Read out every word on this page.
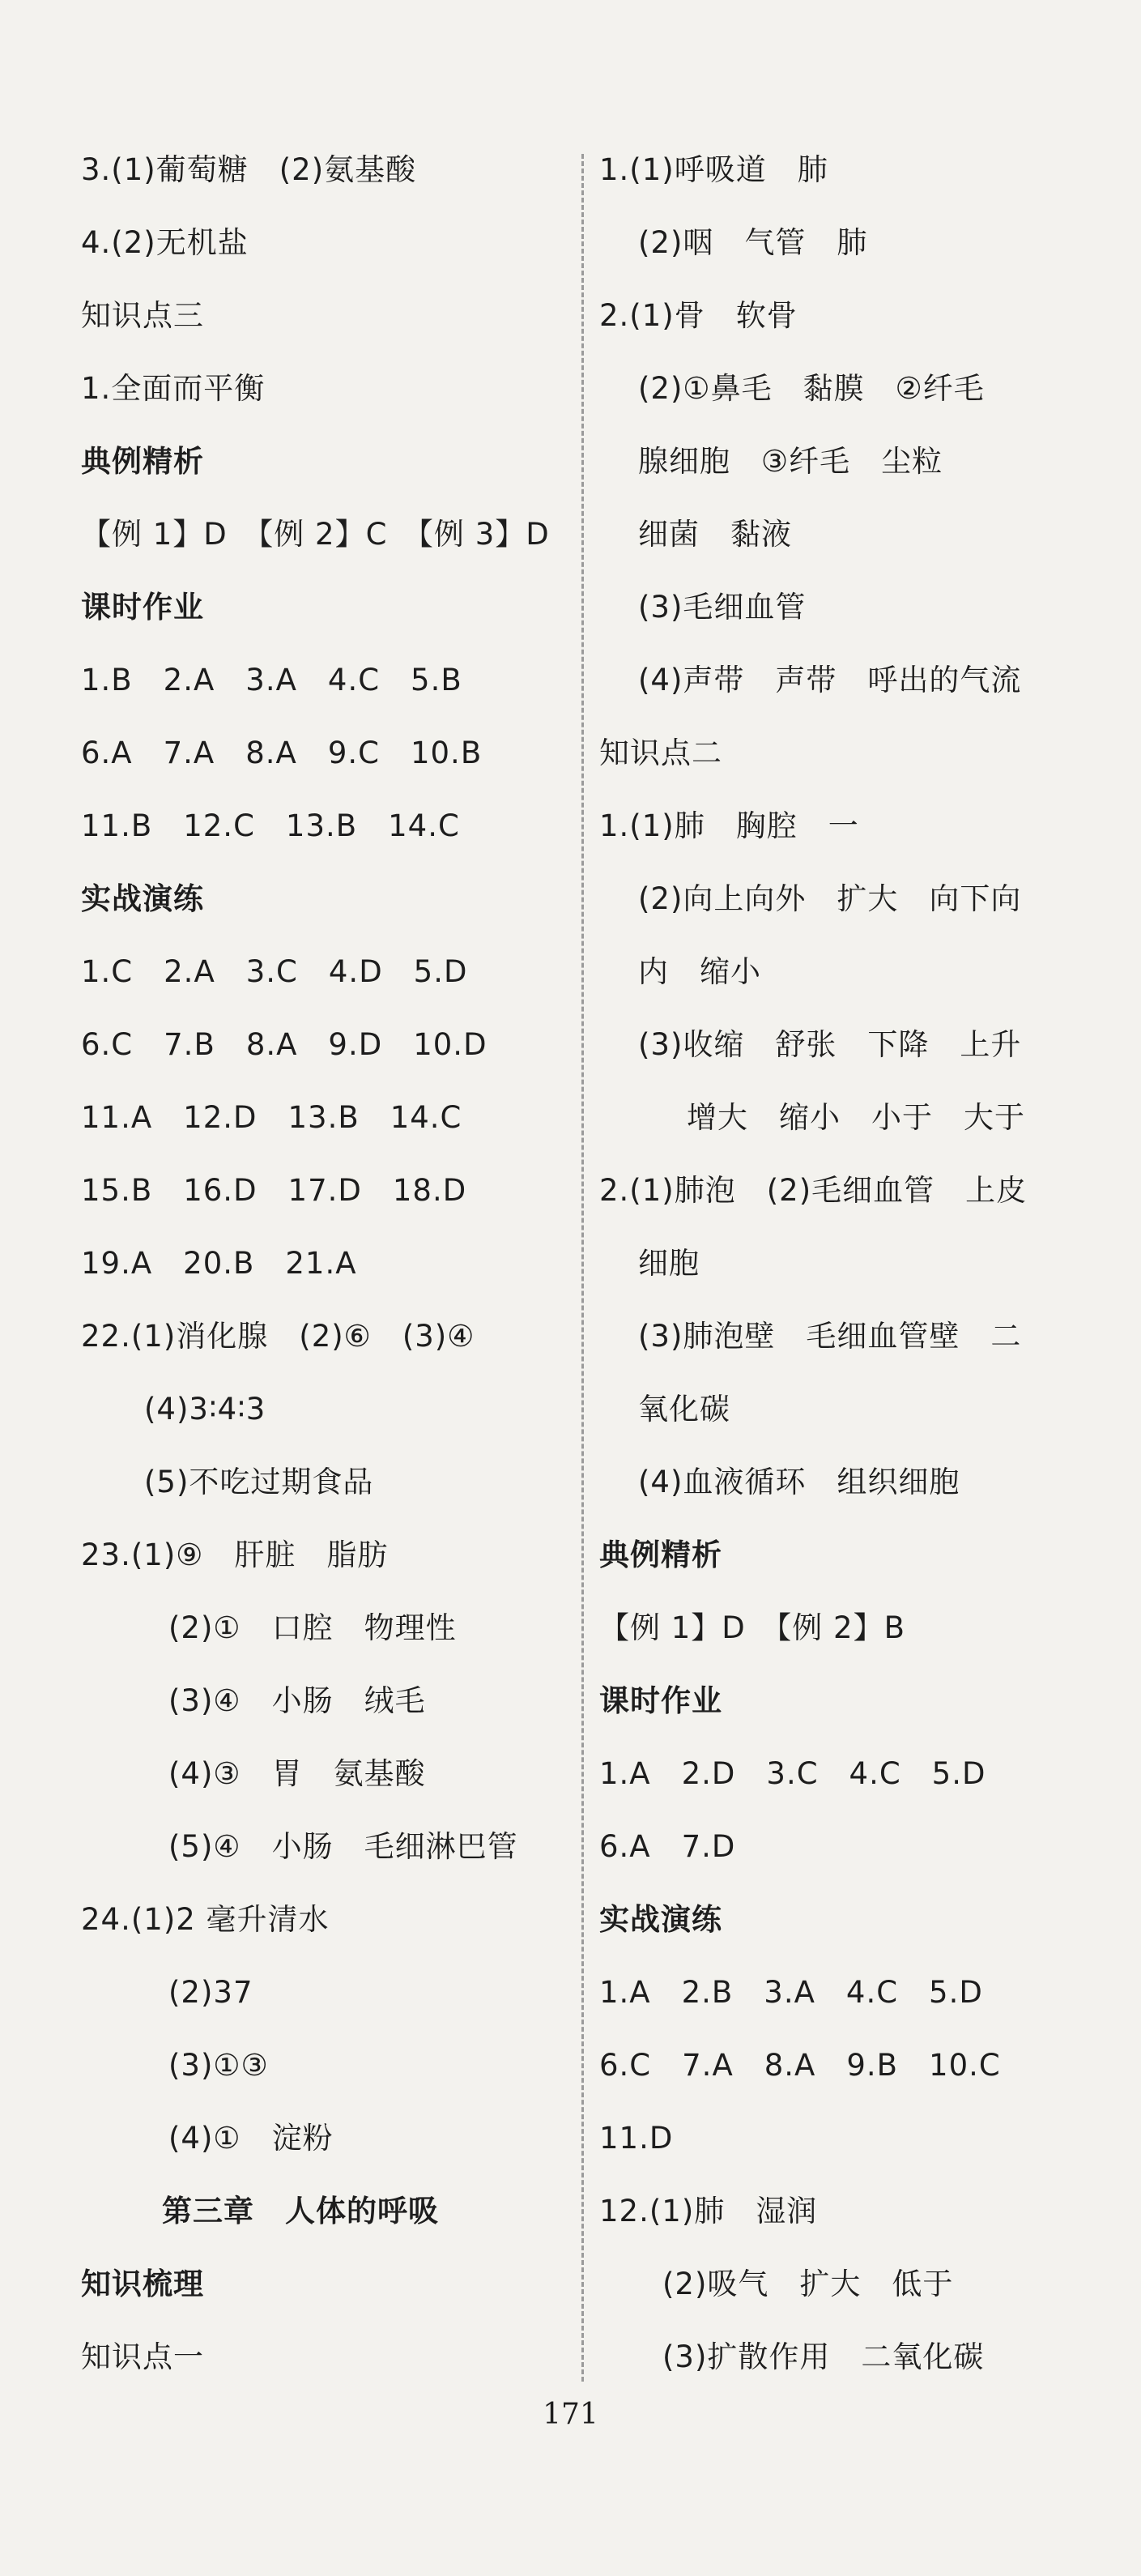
3.(1)葡萄糖　(2)氨基酸
4.(2)无机盐
知识点三
1.全面而平衡
典例精析
【例 1】D　【例 2】C　【例 3】D
课时作业
1.B　2.A　3.A　4.C　5.B
6.A　7.A　8.A　9.C　10.B
11.B　12.C　13.B　14.C
实战演练
1.C　2.A　3.C　4.D　5.D
6.C　7.B　8.A　9.D　10.D
11.A　12.D　13.B　14.C
15.B　16.D　17.D　18.D
19.A　20.B　21.A
22.(1)消化腺　(2)⑥　(3)④
(4)3∶4∶3
(5)不吃过期食品
23.(1)⑨　肝脏　脂肪
(2)①　口腔　物理性
(3)④　小肠　绒毛
(4)③　胃　氨基酸
(5)④　小肠　毛细淋巴管
24.(1)2 毫升清水
(2)37
(3)①③
(4)①　淀粉
第三章　人体的呼吸
知识梳理
知识点一
1.(1)呼吸道　肺
(2)咽　气管　肺
2.(1)骨　软骨
(2)①鼻毛　黏膜　②纤毛
腺细胞　③纤毛　尘粒
细菌　黏液
(3)毛细血管
(4)声带　声带　呼出的气流
知识点二
1.(1)肺　胸腔　一
(2)向上向外　扩大　向下向
内　缩小
(3)收缩　舒张　下降　上升
增大　缩小　小于　大于
2.(1)肺泡　(2)毛细血管　上皮
细胞
(3)肺泡壁　毛细血管壁　二
氧化碳
(4)血液循环　组织细胞
典例精析
【例 1】D　【例 2】B
课时作业
1.A　2.D　3.C　4.C　5.D
6.A　7.D
实战演练
1.A　2.B　3.A　4.C　5.D
6.C　7.A　8.A　9.B　10.C
11.D
12.(1)肺　湿润
(2)吸气　扩大　低于
(3)扩散作用　二氧化碳
171
